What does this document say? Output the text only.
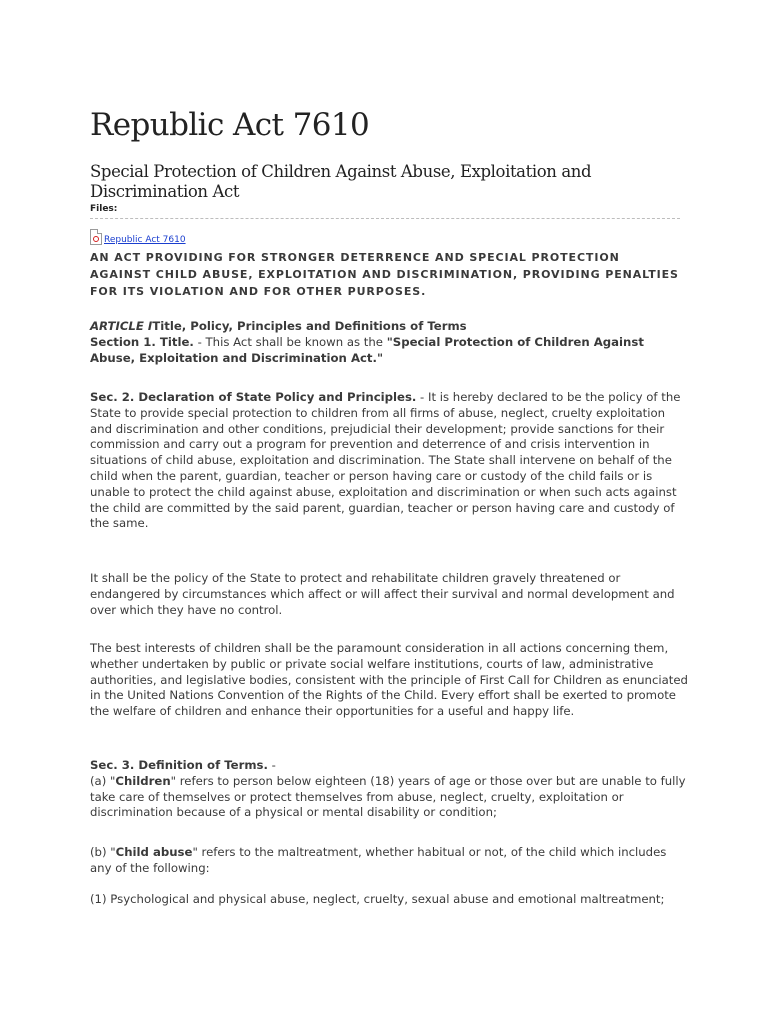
Republic Act 7610
Special Protection of Children Against Abuse, Exploitation and Discrimination Act
Files:
Republic Act 7610

AN ACT PROVIDING FOR STRONGER DETERRENCE AND SPECIAL PROTECTION AGAINST CHILD ABUSE, EXPLOITATION AND DISCRIMINATION, PROVIDING PENALTIES FOR ITS VIOLATION AND FOR OTHER PURPOSES.

ARTICLE ITitle, Policy, Principles and Definitions of Terms
Section 1. Title. - This Act shall be known as the "Special Protection of Children Against Abuse, Exploitation and Discrimination Act."

Sec. 2. Declaration of State Policy and Principles. - It is hereby declared to be the policy of the State to provide special protection to children from all firms of abuse, neglect, cruelty exploitation and discrimination and other conditions, prejudicial their development; provide sanctions for their commission and carry out a program for prevention and deterrence of and crisis intervention in situations of child abuse, exploitation and discrimination. The State shall intervene on behalf of the child when the parent, guardian, teacher or person having care or custody of the child fails or is unable to protect the child against abuse, exploitation and discrimination or when such acts against the child are committed by the said parent, guardian, teacher or person having care and custody of the same.

It shall be the policy of the State to protect and rehabilitate children gravely threatened or endangered by circumstances which affect or will affect their survival and normal development and over which they have no control.

The best interests of children shall be the paramount consideration in all actions concerning them, whether undertaken by public or private social welfare institutions, courts of law, administrative authorities, and legislative bodies, consistent with the principle of First Call for Children as enunciated in the United Nations Convention of the Rights of the Child. Every effort shall be exerted to promote the welfare of children and enhance their opportunities for a useful and happy life.

Sec. 3. Definition of Terms. -
(a) "Children" refers to person below eighteen (18) years of age or those over but are unable to fully take care of themselves or protect themselves from abuse, neglect, cruelty, exploitation or discrimination because of a physical or mental disability or condition;

(b) "Child abuse" refers to the maltreatment, whether habitual or not, of the child which includes any of the following:

(1) Psychological and physical abuse, neglect, cruelty, sexual abuse and emotional maltreatment;
